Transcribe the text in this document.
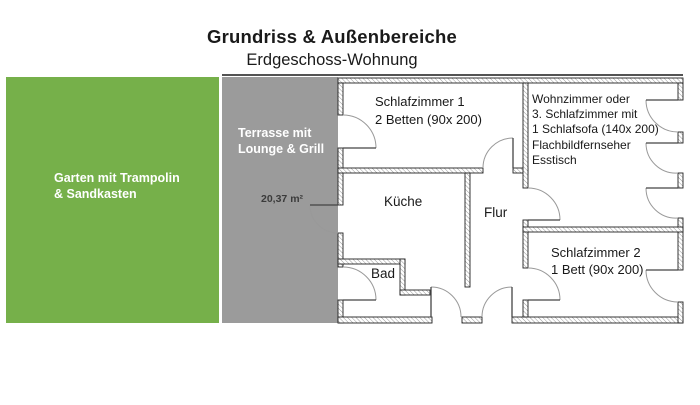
Grundriss & Außenbereiche
Erdgeschoss-Wohnung
Garten mit Trampolin
& Sandkasten
Terrasse mit
Lounge & Grill
20,37 m²
Schlafzimmer 1
2 Betten (90x 200)
Wohnzimmer oder
3. Schlafzimmer mit
1 Schlafsofa (140x 200)
Flachbildfernseher
Esstisch
Küche
Flur
Bad
Schlafzimmer 2
1 Bett (90x 200)
